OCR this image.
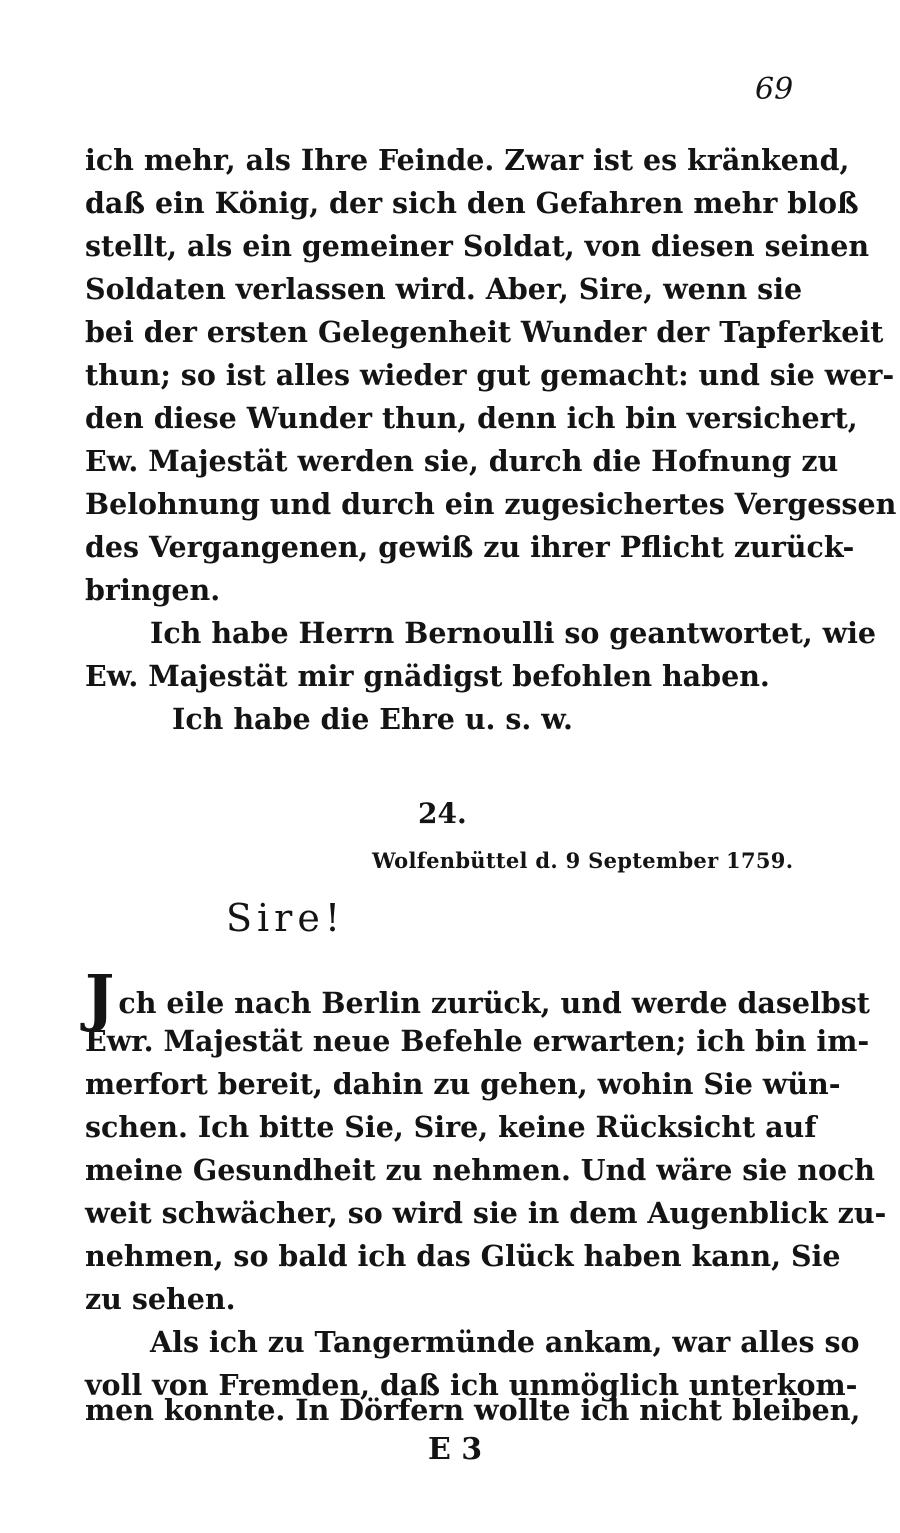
69
ich mehr, als Ihre Feinde. Zwar ist es kränkend,
daß ein König, der sich den Gefahren mehr bloß
stellt, als ein gemeiner Soldat, von diesen seinen
Soldaten verlassen wird. Aber, Sire, wenn sie
bei der ersten Gelegenheit Wunder der Tapferkeit
thun; so ist alles wieder gut gemacht: und sie wer-
den diese Wunder thun, denn ich bin versichert,
Ew. Majestät werden sie, durch die Hofnung zu
Belohnung und durch ein zugesichertes Vergessen
des Vergangenen, gewiß zu ihrer Pflicht zurück-
bringen.
Ich habe Herrn Bernoulli so geantwortet, wie
Ew. Majestät mir gnädigst befohlen haben.
Ich habe die Ehre u. s. w.
24.
Wolfenbüttel d. 9 September 1759.
Sire!
Jch eile nach Berlin zurück, und werde daselbst
Ewr. Majestät neue Befehle erwarten; ich bin im-
merfort bereit, dahin zu gehen, wohin Sie wün-
schen. Ich bitte Sie, Sire, keine Rücksicht auf
meine Gesundheit zu nehmen. Und wäre sie noch
weit schwächer, so wird sie in dem Augenblick zu-
nehmen, so bald ich das Glück haben kann, Sie
zu sehen.
Als ich zu Tangermünde ankam, war alles so
voll von Fremden, daß ich unmöglich unterkom-
men konnte. In Dörfern wollte ich nicht bleiben,
E 3
